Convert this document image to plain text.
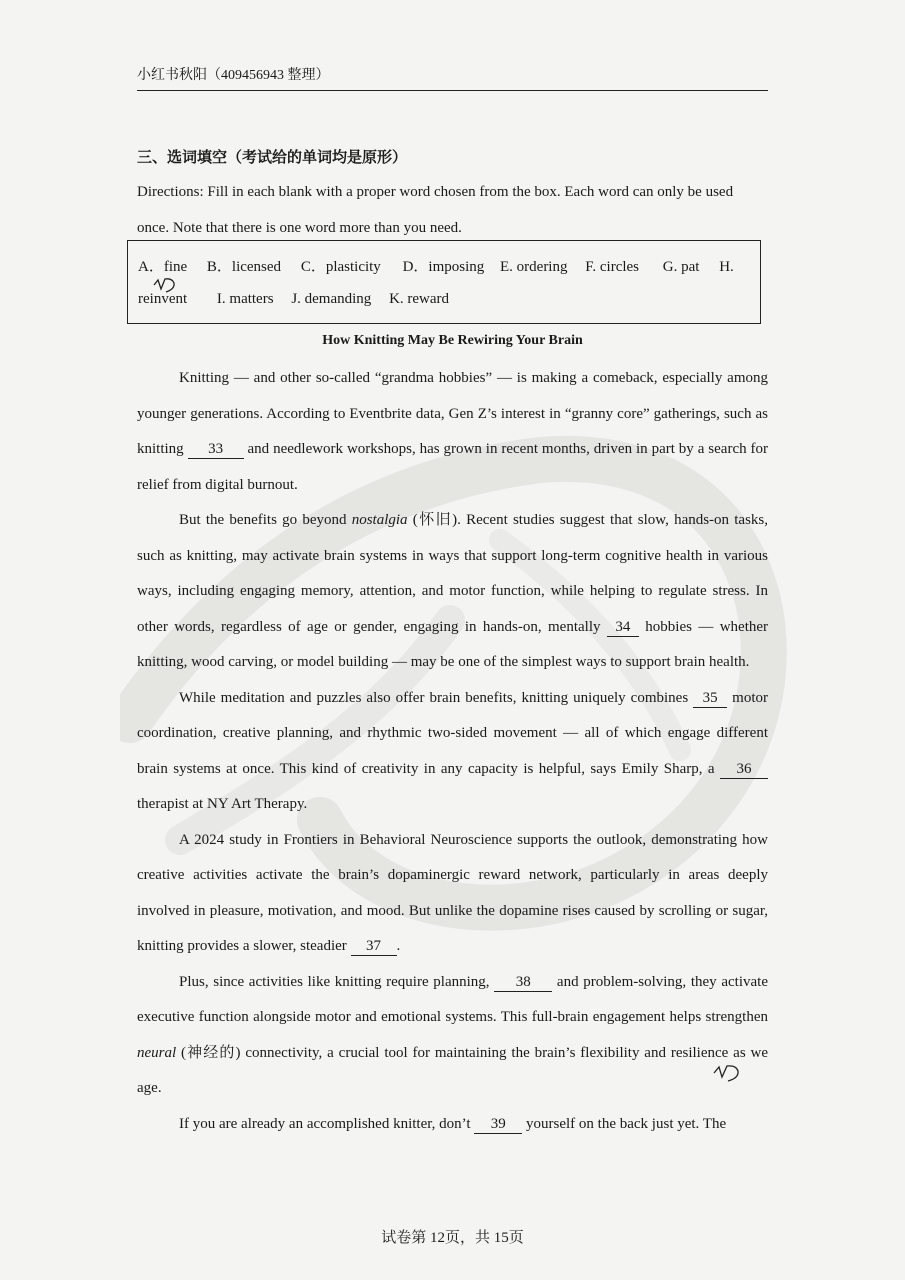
小红书秋阳（409456943 整理）
三、选词填空（考试给的单词均是原形）
Directions: Fill in each blank with a proper word chosen from the box. Each word can only be used once. Note that there is one word more than you need.
A．fine B．licensed C．plasticity D．imposing E. ordering F. circles G. pat H.
reinvent I. matters J. demanding K. reward
How Knitting May Be Rewiring Your Brain

Knitting — and other so-called “grandma hobbies” — is making a comeback, especially among younger generations. According to Eventbrite data, Gen Z’s interest in “granny core” gatherings, such as knitting 33 and needlework workshops, has grown in recent months, driven in part by a search for relief from digital burnout.

But the benefits go beyond nostalgia (怀旧). Recent studies suggest that slow, hands-on tasks, such as knitting, may activate brain systems in ways that support long-term cognitive health in various ways, including engaging memory, attention, and motor function, while helping to regulate stress. In other words, regardless of age or gender, engaging in hands-on, mentally 34 hobbies — whether knitting, wood carving, or model building — may be one of the simplest ways to support brain health.

While meditation and puzzles also offer brain benefits, knitting uniquely combines 35 motor coordination, creative planning, and rhythmic two-sided movement — all of which engage different brain systems at once. This kind of creativity in any capacity is helpful, says Emily Sharp, a 36 therapist at NY Art Therapy.

A 2024 study in Frontiers in Behavioral Neuroscience supports the outlook, demonstrating how creative activities activate the brain’s dopaminergic reward network, particularly in areas deeply involved in pleasure, motivation, and mood. But unlike the dopamine rises caused by scrolling or sugar, knitting provides a slower, steadier 37 .

Plus, since activities like knitting require planning, 38 and problem-solving, they activate executive function alongside motor and emotional systems. This full-brain engagement helps strengthen neural (神经的) connectivity, a crucial tool for maintaining the brain’s flexibility and resilience as we age.

If you are already an accomplished knitter, don’t 39 yourself on the back just yet. The

试卷第 12页，共 15页
